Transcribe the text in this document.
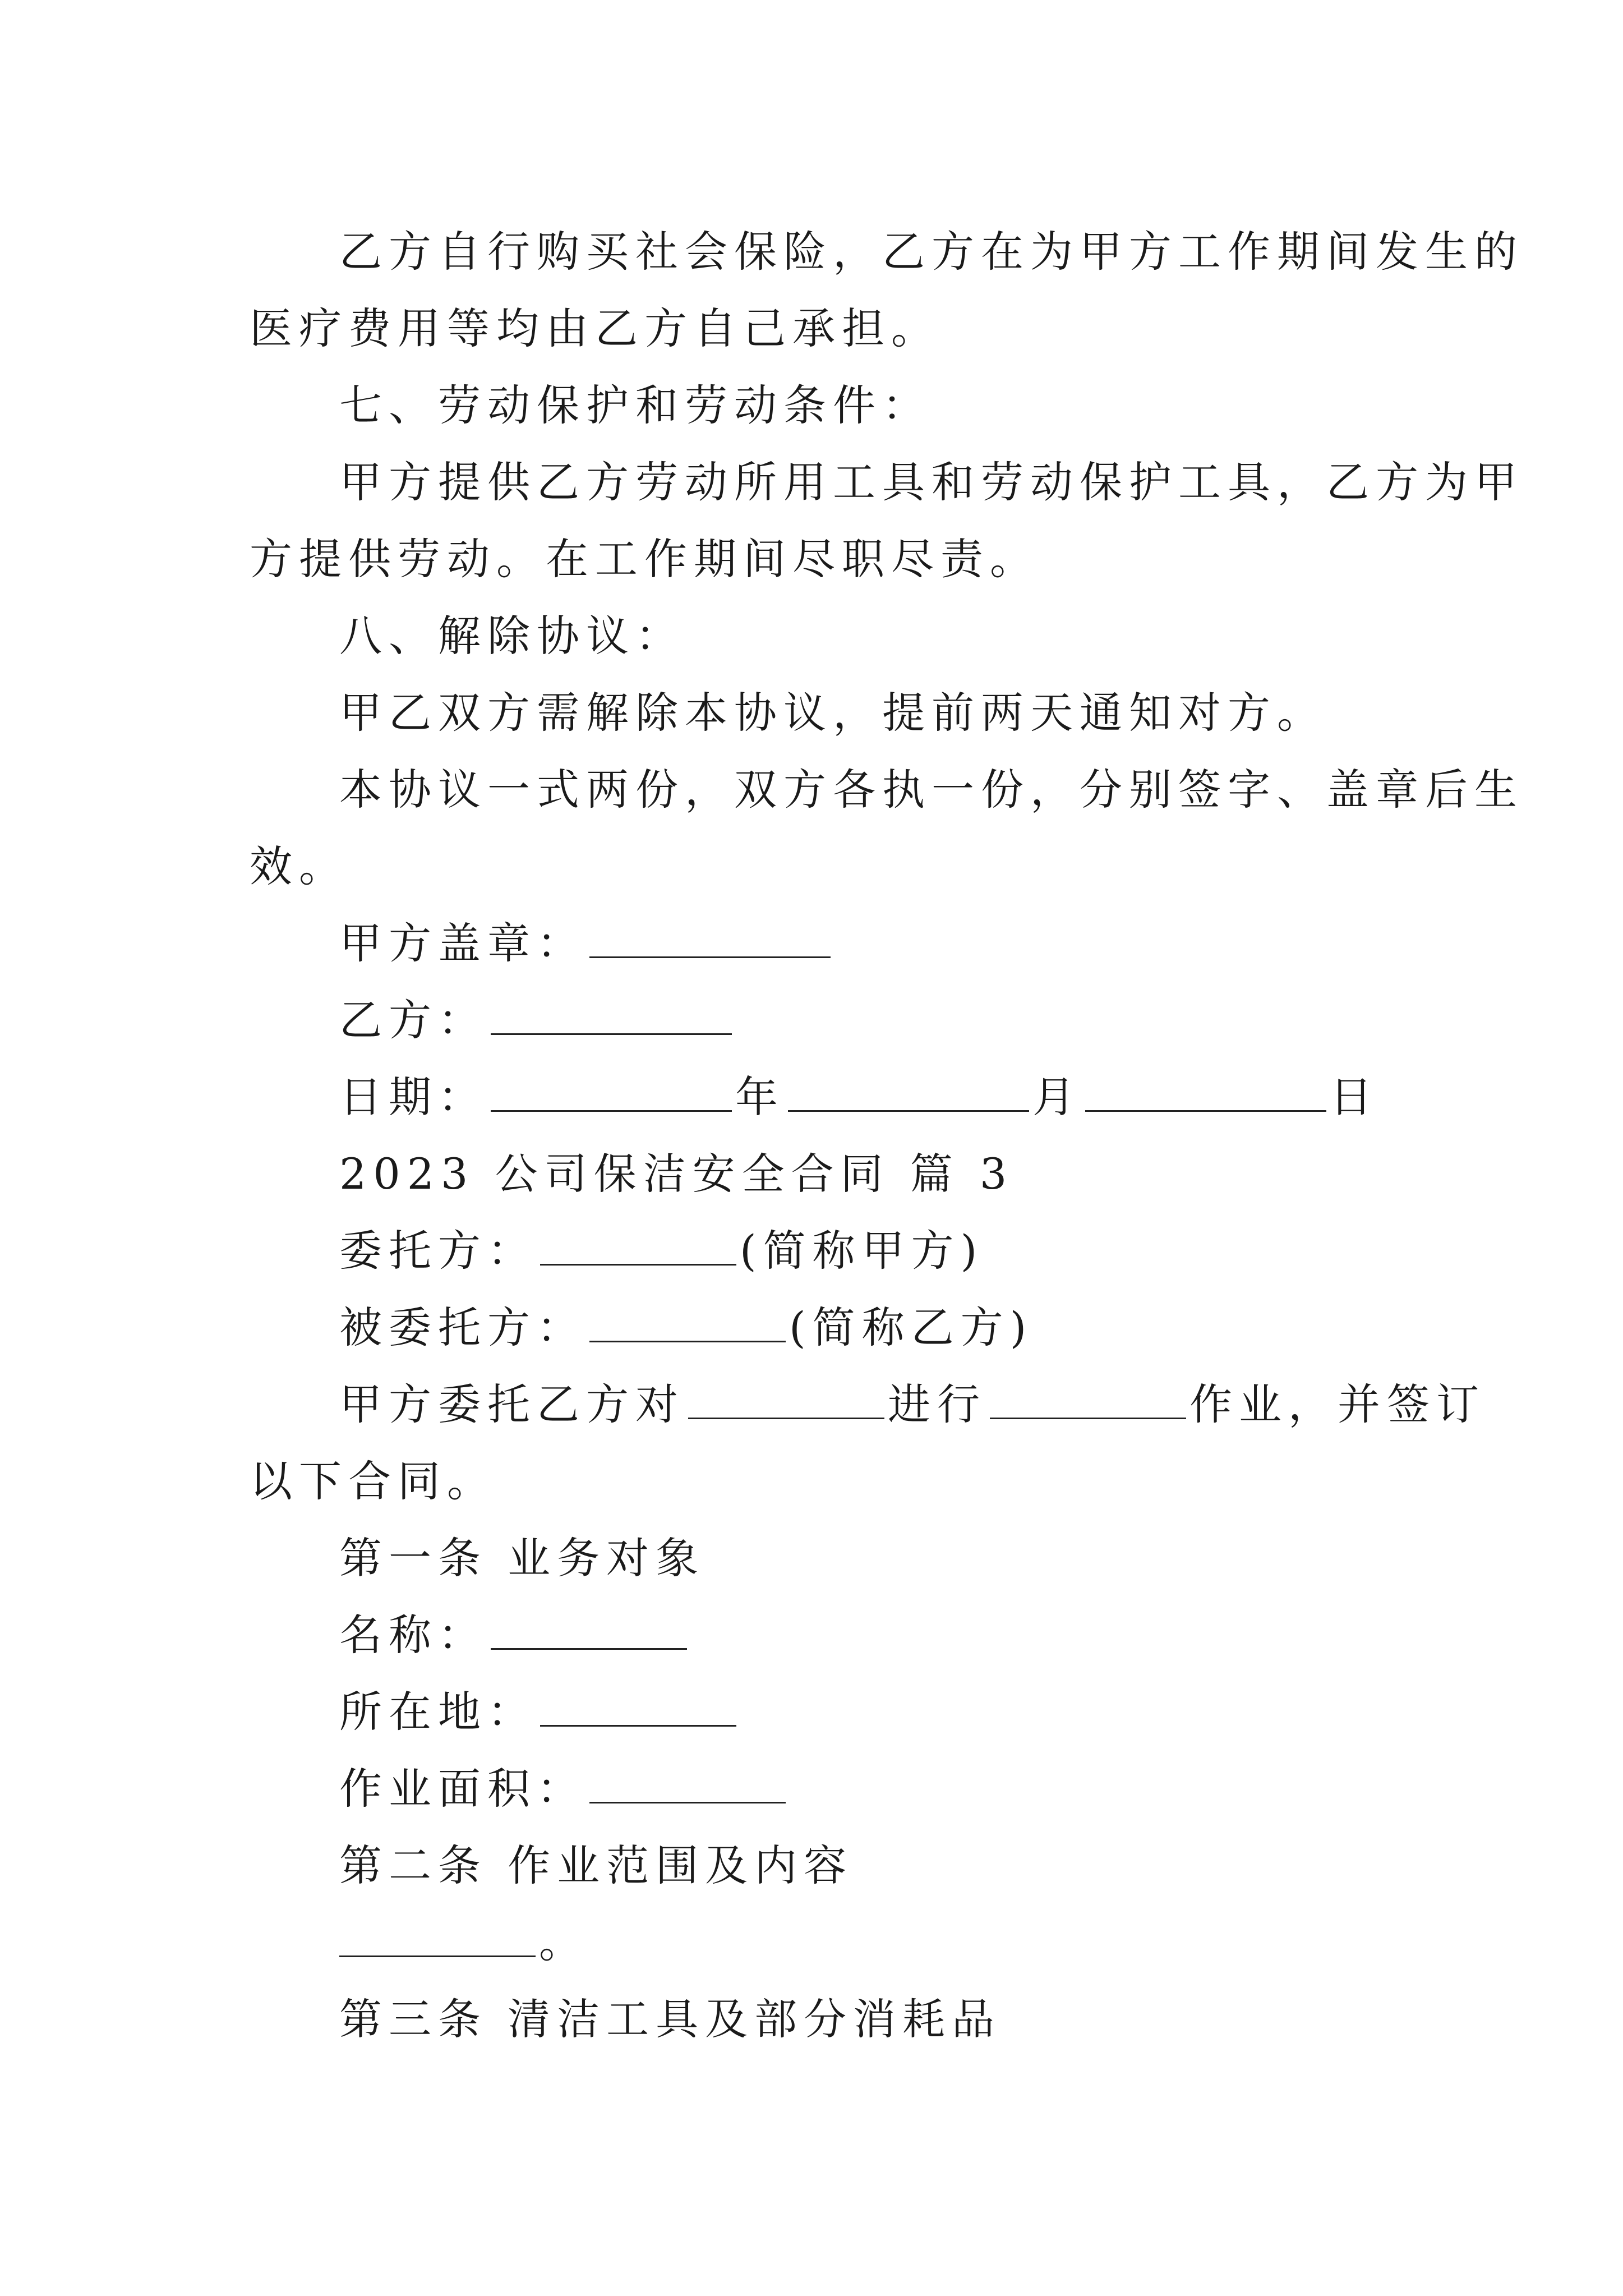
乙方自行购买社会保险，乙方在为甲方工作期间发生的
医疗费用等均由乙方自己承担。
七、劳动保护和劳动条件：
甲方提供乙方劳动所用工具和劳动保护工具，乙方为甲
方提供劳动。在工作期间尽职尽责。
八、解除协议：
甲乙双方需解除本协议，提前两天通知对方。
本协议一式两份，双方各执一份，分别签字、盖章后生
效。
甲方盖章：
乙方：
日期：	年	月	日
2023 公司保洁安全合同 篇 3
委托方：	(简称甲方)
被委托方：	(简称乙方)
甲方委托乙方对	进行	作业，并签订
以下合同。
第一条 业务对象
名称：
所在地：
作业面积：
第二条 作业范围及内容
。
第三条 清洁工具及部分消耗品
